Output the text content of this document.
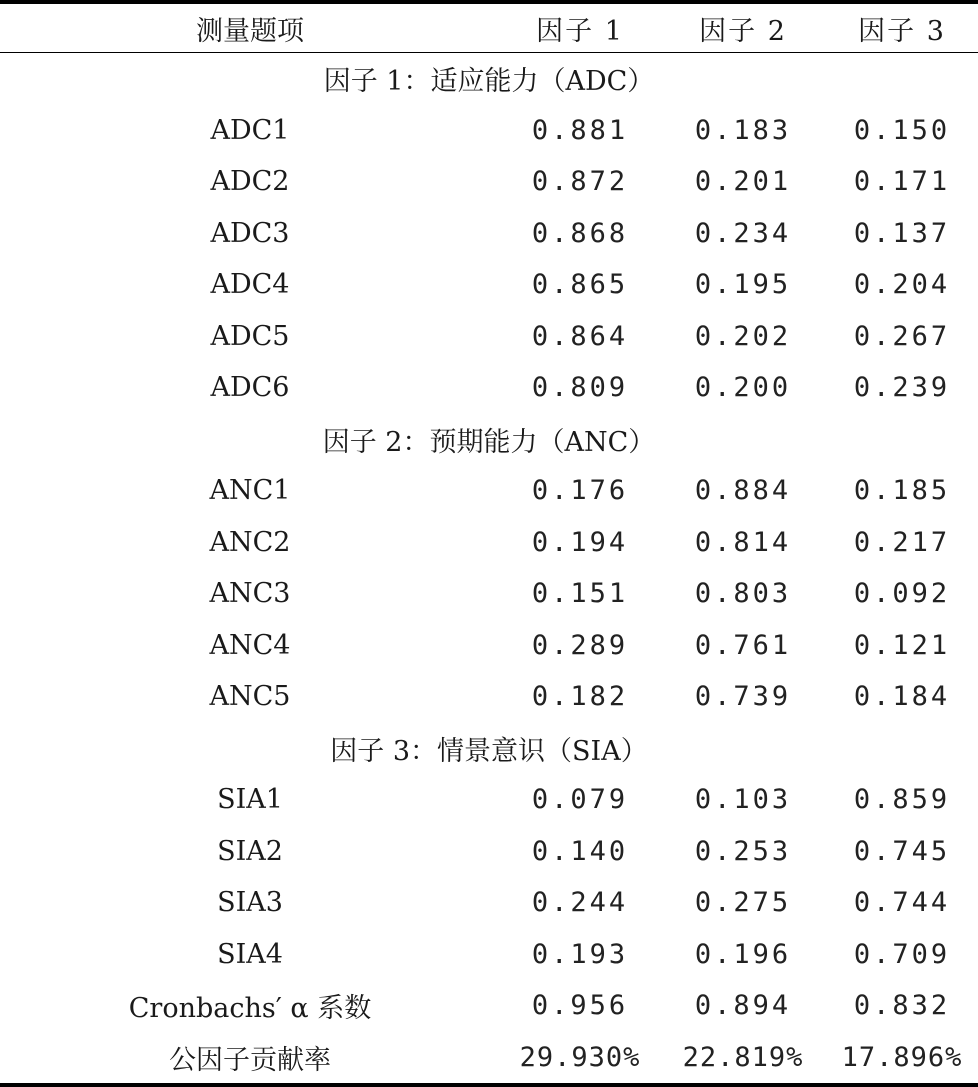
测量题项	因子 1	因子 2	因子 3
因子 1：适应能力（ADC）			
ADC1	0.881	0.183	0.150
ADC2	0.872	0.201	0.171
ADC3	0.868	0.234	0.137
ADC4	0.865	0.195	0.204
ADC5	0.864	0.202	0.267
ADC6	0.809	0.200	0.239
因子 2：预期能力（ANC）			
ANC1	0.176	0.884	0.185
ANC2	0.194	0.814	0.217
ANC3	0.151	0.803	0.092
ANC4	0.289	0.761	0.121
ANC5	0.182	0.739	0.184
因子 3：情景意识（SIA）			
SIA1	0.079	0.103	0.859
SIA2	0.140	0.253	0.745
SIA3	0.244	0.275	0.744
SIA4	0.193	0.196	0.709
Cronbachs′ α 系数	0.956	0.894	0.832
公因子贡献率	29.930%	22.819%	17.896%
